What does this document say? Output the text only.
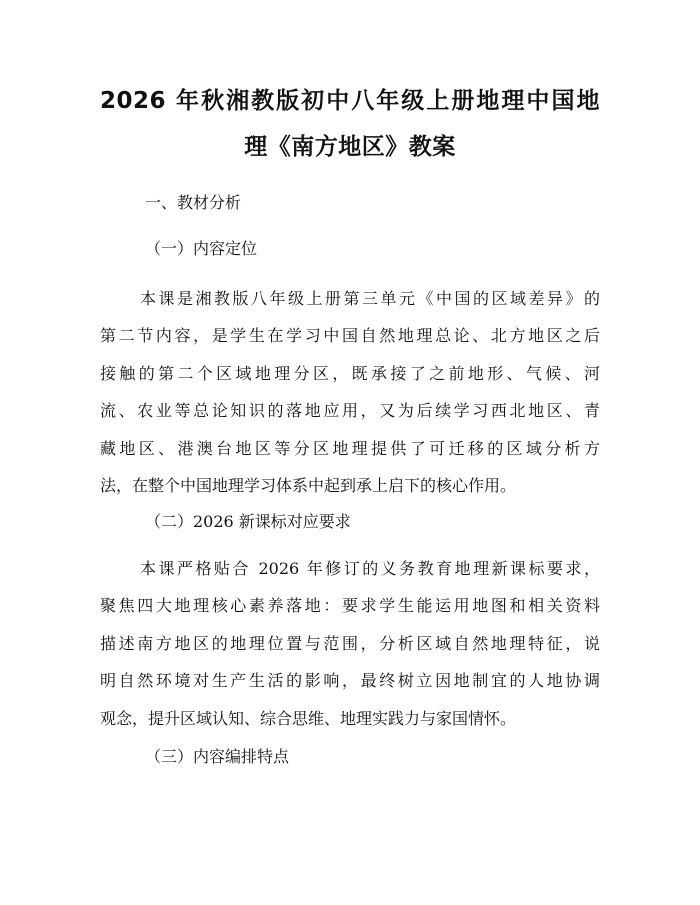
2026 年秋湘教版初中八年级上册地理中国地
理《南方地区》教案

一、教材分析

（一）内容定位

本课是湘教版八年级上册第三单元《中国的区域差异》的
第二节内容，是学生在学习中国自然地理总论、北方地区之后
接触的第二个区域地理分区，既承接了之前地形、气候、河
流、农业等总论知识的落地应用，又为后续学习西北地区、青
藏地区、港澳台地区等分区地理提供了可迁移的区域分析方
法，在整个中国地理学习体系中起到承上启下的核心作用。

（二）2026 新课标对应要求

本课严格贴合 2026 年修订的义务教育地理新课标要求，
聚焦四大地理核心素养落地：要求学生能运用地图和相关资料
描述南方地区的地理位置与范围，分析区域自然地理特征，说
明自然环境对生产生活的影响，最终树立因地制宜的人地协调
观念，提升区域认知、综合思维、地理实践力与家国情怀。

（三）内容编排特点
